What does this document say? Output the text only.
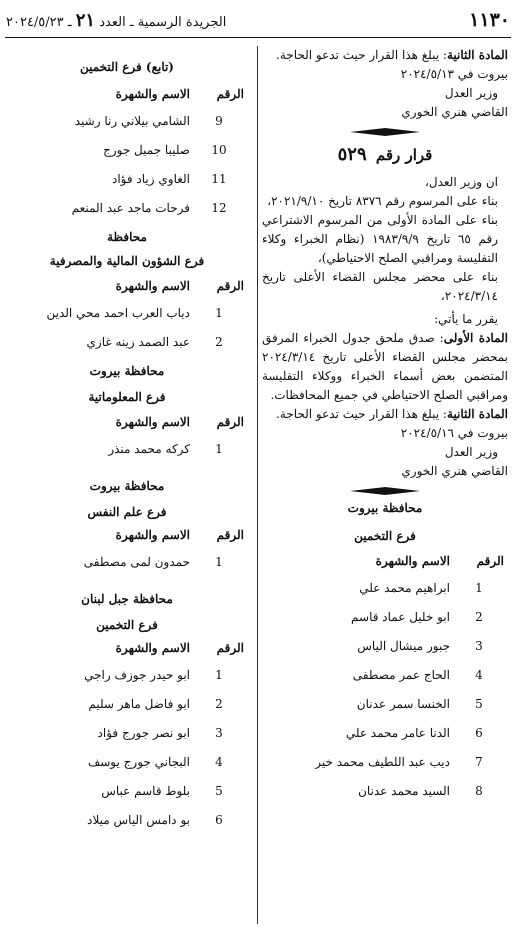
١١٣٠
الجريدة الرسمية ـ العدد ٢١ ـ ٢٠٢٤/٥/٢٣

المادة الثانية: يبلغ هذا القرار حيث تدعو الحاجة.

بيروت في ٢٠٢٤/٥/١٣

وزير العدل

القاضي هنري الخوري

قرار رقم ٥٢٩

ان وزير العدل،

بناء على المرسوم رقم ٨٣٧٦ تاريخ ٢٠٢١/٩/١٠،

بناء على المادة الأولى من المرسوم الاشتراعي رقم ٦٥ تاريخ ١٩٨٣/٩/٩ (نظام الخبراء وكلاء التفليسة ومراقبي الصلح الاحتياطي)،

بناء على محضر مجلس القضاء الأعلى تاريخ ٢٠٢٤/٣/١٤،

يقرر ما يأتي:

المادة الأولى: صدق ملحق جدول الخبراء المرفق بمحضر مجلس القضاء الأعلى تاريخ ٢٠٢٤/٣/١٤ المتضمن بعض أسماء الخبراء ووكلاء التفليسة ومراقبي الصلح الاحتياطي في جميع المحافظات.

المادة الثانية: يبلغ هذا القرار حيث تدعو الحاجة.

بيروت في ٢٠٢٤/٥/١٦

وزير العدل

القاضي هنري الخوري

محافظة بيروت
فرع التخمين
الرقم	الاسم والشهرة
1	ابراهيم محمد علي
2	ابو خليل عماد قاسم
3	جبور ميشال الياس
4	الحاج عمر مصطفى
5	الخنسا سمر عدنان
6	الدنا عامر محمد علي
7	ديب عبد اللطيف محمد خير
8	السيد محمد عدنان
(تابع) فرع التخمين
الرقم	الاسم والشهرة
9	الشامي بيلاني رنا رشيد
10	صليبا جميل جورج
11	الغاوي زياد فؤاد
12	فرحات ماجد عبد المنعم
محافظة
فرع الشؤون المالية والمصرفية
الرقم	الاسم والشهرة
1	دياب العرب احمد محي الدين
2	عبد الصمد زينه غازي
محافظة بيروت
فرع المعلوماتية
الرقم	الاسم والشهرة
1	كركه محمد منذر
محافظة بيروت
فرع علم النفس
الرقم	الاسم والشهرة
1	حمدون لمى مصطفى
محافظة جبل لبنان
فرع التخمين
الرقم	الاسم والشهرة
1	ابو حيدر جوزف راجي
2	ابو فاضل ماهر سليم
3	ابو نصر جورج فؤاد
4	البجاني جورج يوسف
5	بلوط قاسم عباس
6	بو دامس الياس ميلاد
